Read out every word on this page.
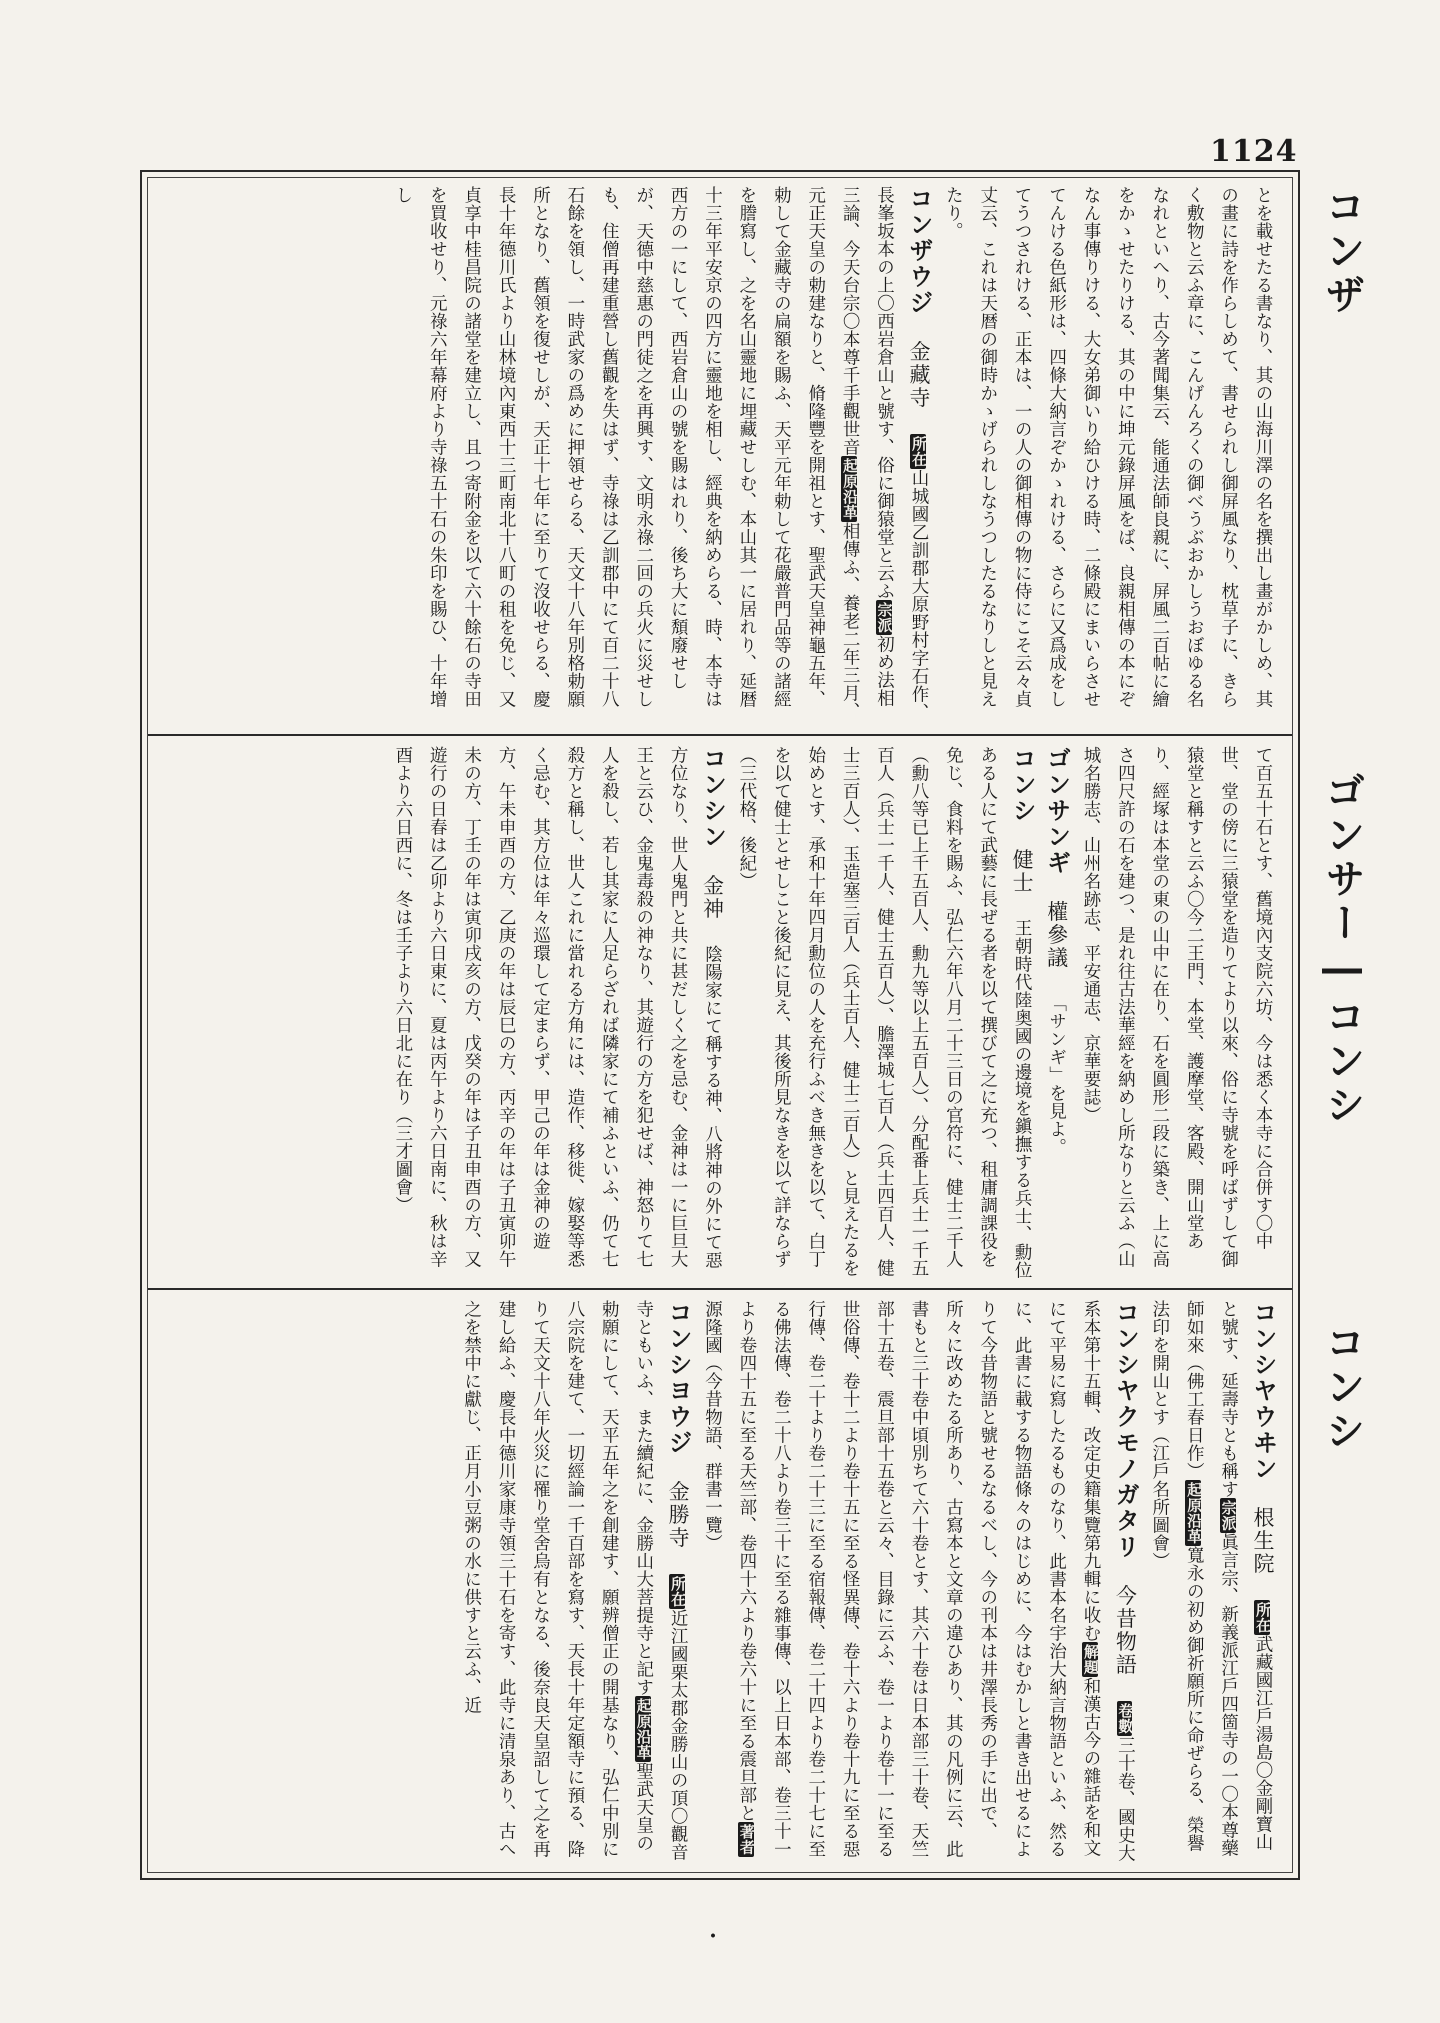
1124
コンザ
ゴンサー―コンシ
コンシ
とを載せたる書なり、其の山海川澤の名を撰出し畫がかしめ、其の畫に詩を作らしめて、書せられし御屏風なり、枕草子に、きらく敷物と云ふ章に、こんげんろくの御べうぶおかしうおぼゆる名なれといへり、古今著聞集云、能通法師良親に、屏風二百帖に繪をかゝせたりける、其の中に坤元錄屏風をば、良親相傳の本にぞなん事傳りける、大女弟御いり給ひける時、二條殿にまいらさせてんける色紙形は、四條大納言ぞかゝれける、さらに又爲成をしてうつされける、正本は、一の人の御相傳の物に侍にこそ云々貞丈云、これは天暦の御時かゝげられしなうつしたるなりしと見えたり。
コンザウジ金藏寺所在山城國乙訓郡大原野村字石作、長峯坂本の上〇西岩倉山と號す、俗に御猿堂と云ふ宗派初め法相三論、今天台宗〇本尊千手觀世音起原沿革相傳ふ、養老二年三月、元正天皇の勅建なりと、脩隆豐を開祖とす、聖武天皇神龜五年、勅して金藏寺の扁額を賜ふ、天平元年勅して花嚴普門品等の諸經を謄寫し、之を名山靈地に埋藏せしむ、本山其一に居れり、延暦十三年平安京の四方に靈地を相し、經典を納めらる、時、本寺は西方の一にして、西岩倉山の號を賜はれり、後ち大に頽廢せしが、天德中慈惠の門徒之を再興す、文明永祿二回の兵火に災せしも、住僧再建重營し舊觀を失はず、寺祿は乙訓郡中にて百二十八石餘を領し、一時武家の爲めに押領せらる、天文十八年別格勅願所となり、舊領を復せしが、天正十七年に至りて沒收せらる、慶長十年德川氏より山林境內東西十三町南北十八町の租を免じ、又貞享中桂昌院の諸堂を建立し、且つ寄附金を以て六十餘石の寺田を買收せり、元祿六年幕府より寺祿五十石の朱印を賜ひ、十年增し
て百五十石とす、舊境內支院六坊、今は悉く本寺に合併す〇中世、堂の傍に三猿堂を造りてより以來、俗に寺號を呼ばずして御猿堂と稱すと云ふ〇今二王門、本堂、護摩堂、客殿、開山堂あり、經塚は本堂の東の山中に在り、石を圓形二段に築き、上に高さ四尺許の石を建つ、是れ往古法華經を納めし所なりと云ふ（山城名勝志、山州名跡志、平安通志、京華要誌）
ゴンサンギ權參議「サンギ」を見よ。
コンシ健士王朝時代陸奥國の邊境を鎭撫する兵士、勳位ある人にて武藝に長ぜる者を以て撰びて之に充つ、租庸調課役を免じ、食料を賜ふ、弘仁六年八月二十三日の官符に、健士二千人（勳八等已上千五百人、勳九等以上五百人）、分配番上兵士一千五百人（兵士一千人、健士五百人）、膽澤城七百人（兵士四百人、健士三百人）、玉造塞三百人（兵士百人、健士二百人）と見えたるを始めとす、承和十年四月勳位の人を充行ふべき無きを以て、白丁を以て健士とせしこと後紀に見え、其後所見なきを以て詳ならず（三代格、後紀）
コンシン金神陰陽家にて稱する神、八將神の外にて惡方位なり、世人鬼門と共に甚だしく之を忌む、金神は一に巨旦大王と云ひ、金鬼毒殺の神なり、其遊行の方を犯せば、神怒りて七人を殺し、若し其家に人足らざれば隣家にて補ふといふ、仍て七殺方と稱し、世人これに當れる方角には、造作、移徙、嫁娶等悉く忌む、其方位は年々巡環して定まらず、甲己の年は金神の遊方、午未申酉の方、乙庚の年は辰巳の方、丙辛の年は子丑寅卯午未の方、丁壬の年は寅卯戌亥の方、戊癸の年は子丑申酉の方、又遊行の日春は乙卯より六日東に、夏は丙午より六日南に、秋は辛酉より六日西に、冬は壬子より六日北に在り（三才圖會）
コンシヤウヰン根生院所在武藏國江戶湯島〇金剛寶山と號す、延壽寺とも稱す宗派眞言宗、新義派江戶四箇寺の一〇本尊藥師如來（佛工春日作）起原沿革寬永の初め御祈願所に命ぜらる、榮譽法印を開山とす（江戶名所圖會）
コンシヤクモノガタリ今昔物語卷數三十卷、國史大系本第十五輯、改定史籍集覽第九輯に收む解題和漢古今の雜話を和文にて平易に寫したるものなり、此書本名宇治大納言物語といふ、然るに、此書に載する物語條々のはじめに、今はむかしと書き出せるによりて今昔物語と號せるなるべし、今の刊本は井澤長秀の手に出で、所々に改めたる所あり、古寫本と文章の違ひあり、其の凡例に云、此書もと三十卷中頃別ちて六十卷とす、其六十卷は日本部三十卷、天竺部十五卷、震旦部十五卷と云々、目錄に云ふ、卷一より卷十一に至る世俗傳、卷十二より卷十五に至る怪異傳、卷十六より卷十九に至る惡行傳、卷二十より卷二十三に至る宿報傳、卷二十四より卷二十七に至る佛法傳、卷二十八より卷三十に至る雜事傳、以上日本部、卷三十一より卷四十五に至る天竺部、卷四十六より卷六十に至る震旦部と著者源隆國（今昔物語、群書一覽）
コンシヨウジ金勝寺所在近江國栗太郡金勝山の頂〇觀音寺ともいふ、また續紀に、金勝山大菩提寺と記す起原沿革聖武天皇の勅願にして、天平五年之を創建す、願辨僧正の開基なり、弘仁中別に八宗院を建て、一切經論一千百部を寫す、天長十年定額寺に預る、降りて天文十八年火災に罹り堂舍烏有となる、後奈良天皇詔して之を再建し給ふ、慶長中德川家康寺領三十石を寄す、此寺に清泉あり、古へ之を禁中に獻じ、正月小豆粥の水に供すと云ふ、近
・
